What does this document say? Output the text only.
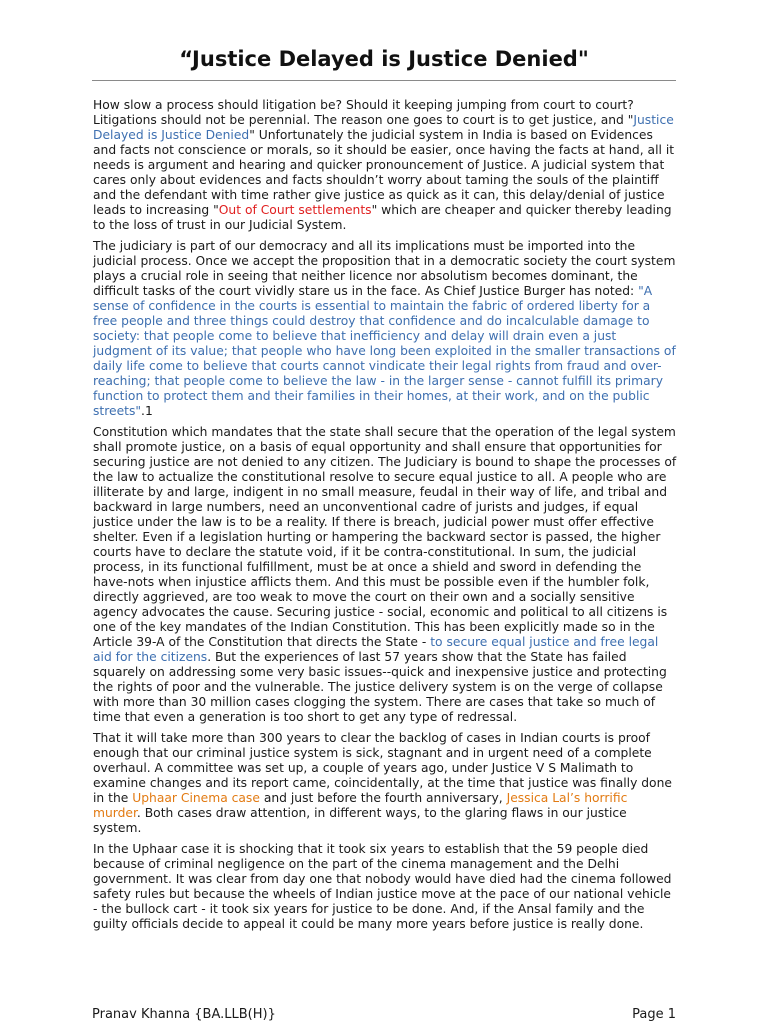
“Justice Delayed is Justice Denied"

How slow a process should litigation be? Should it keeping jumping from court to court? Litigations should not be perennial. The reason one goes to court is to get justice, and "Justice Delayed is Justice Denied" Unfortunately the judicial system in India is based on Evidences and facts not conscience or morals, so it should be easier, once having the facts at hand, all it needs is argument and hearing and quicker pronouncement of Justice. A judicial system that cares only about evidences and facts shouldn’t worry about taming the souls of the plaintiff and the defendant with time rather give justice as quick as it can, this delay/denial of justice leads to increasing "Out of Court settlements" which are cheaper and quicker thereby leading to the loss of trust in our Judicial System.

The judiciary is part of our democracy and all its implications must be imported into the judicial process. Once we accept the proposition that in a democratic society the court system plays a crucial role in seeing that neither licence nor absolutism becomes dominant, the difficult tasks of the court vividly stare us in the face. As Chief Justice Burger has noted: "A sense of confidence in the courts is essential to maintain the fabric of ordered liberty for a free people and three things could destroy that confidence and do incalculable damage to society: that people come to believe that inefficiency and delay will drain even a just judgment of its value; that people who have long been exploited in the smaller transactions of daily life come to believe that courts cannot vindicate their legal rights from fraud and over-reaching; that people come to believe the law - in the larger sense - cannot fulfill its primary function to protect them and their families in their homes, at their work, and on the public streets".1

Constitution which mandates that the state shall secure that the operation of the legal system shall promote justice, on a basis of equal opportunity and shall ensure that opportunities for securing justice are not denied to any citizen. The Judiciary is bound to shape the processes of the law to actualize the constitutional resolve to secure equal justice to all. A people who are illiterate by and large, indigent in no small measure, feudal in their way of life, and tribal and backward in large numbers, need an unconventional cadre of jurists and judges, if equal justice under the law is to be a reality. If there is breach, judicial power must offer effective shelter. Even if a legislation hurting or hampering the backward sector is passed, the higher courts have to declare the statute void, if it be contra-constitutional. In sum, the judicial process, in its functional fulfillment, must be at once a shield and sword in defending the have-nots when injustice afflicts them. And this must be possible even if the humbler folk, directly aggrieved, are too weak to move the court on their own and a socially sensitive agency advocates the cause. Securing justice - social, economic and political to all citizens is one of the key mandates of the Indian Constitution. This has been explicitly made so in the Article 39-A of the Constitution that directs the State - to secure equal justice and free legal aid for the citizens. But the experiences of last 57 years show that the State has failed squarely on addressing some very basic issues--quick and inexpensive justice and protecting the rights of poor and the vulnerable. The justice delivery system is on the verge of collapse with more than 30 million cases clogging the system. There are cases that take so much of time that even a generation is too short to get any type of redressal.

That it will take more than 300 years to clear the backlog of cases in Indian courts is proof enough that our criminal justice system is sick, stagnant and in urgent need of a complete overhaul. A committee was set up, a couple of years ago, under Justice V S Malimath to examine changes and its report came, coincidentally, at the time that justice was finally done in the Uphaar Cinema case and just before the fourth anniversary, Jessica Lal’s horrific murder. Both cases draw attention, in different ways, to the glaring flaws in our justice system.

In the Uphaar case it is shocking that it took six years to establish that the 59 people died because of criminal negligence on the part of the cinema management and the Delhi government. It was clear from day one that nobody would have died had the cinema followed safety rules but because the wheels of Indian justice move at the pace of our national vehicle - the bullock cart - it took six years for justice to be done. And, if the Ansal family and the guilty officials decide to appeal it could be many more years before justice is really done.

Pranav Khanna {BA.LLB(H)}	Page 1
